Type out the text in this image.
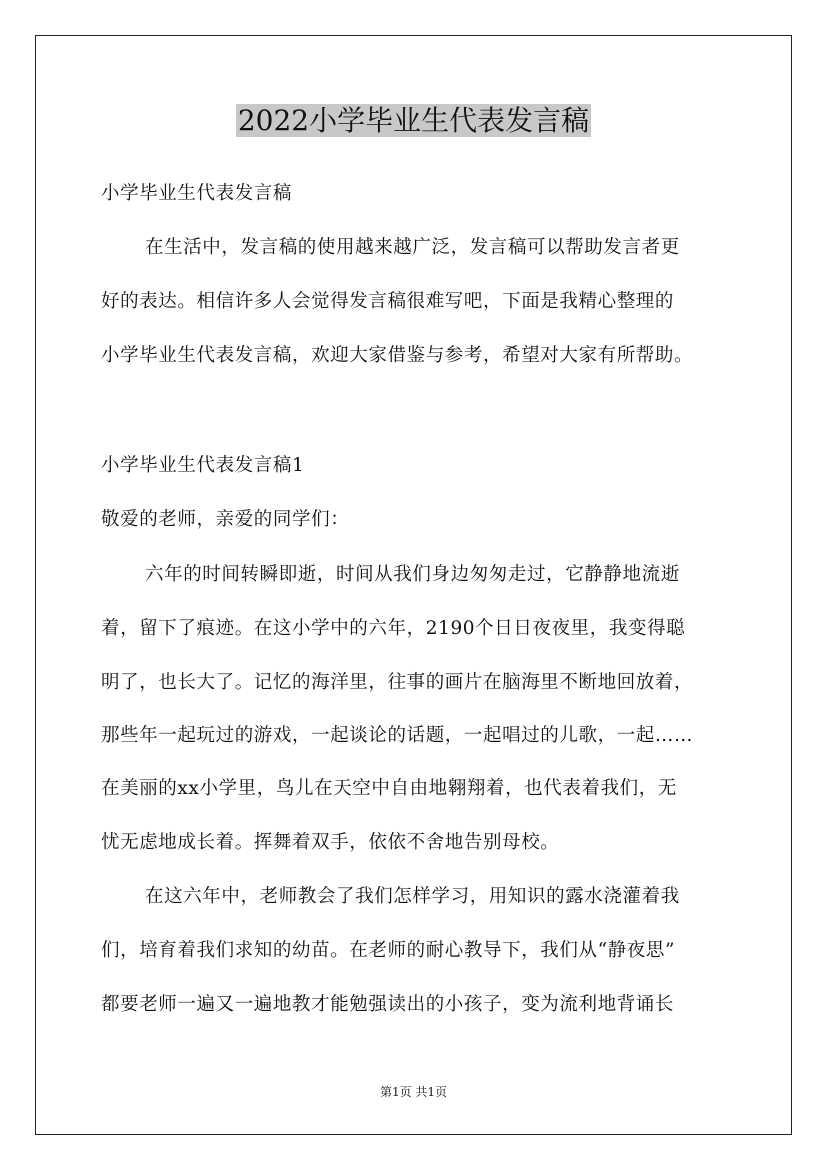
2022小学毕业生代表发言稿

小学毕业生代表发言稿

在生活中，发言稿的使用越来越广泛，发言稿可以帮助发言者更

好的表达。相信许多人会觉得发言稿很难写吧，下面是我精心整理的

小学毕业生代表发言稿，欢迎大家借鉴与参考，希望对大家有所帮助。

小学毕业生代表发言稿1

敬爱的老师，亲爱的同学们：

六年的时间转瞬即逝，时间从我们身边匆匆走过，它静静地流逝

着，留下了痕迹。在这小学中的六年，2190个日日夜夜里，我变得聪

明了，也长大了。记忆的海洋里，往事的画片在脑海里不断地回放着，

那些年一起玩过的游戏，一起谈论的话题，一起唱过的儿歌，一起……

在美丽的xx小学里，鸟儿在天空中自由地翱翔着，也代表着我们，无

忧无虑地成长着。挥舞着双手，依依不舍地告别母校。

在这六年中，老师教会了我们怎样学习，用知识的露水浇灌着我

们，培育着我们求知的幼苗。在老师的耐心教导下，我们从“静夜思”

都要老师一遍又一遍地教才能勉强读出的小孩子，变为流利地背诵长

第1页 共1页
